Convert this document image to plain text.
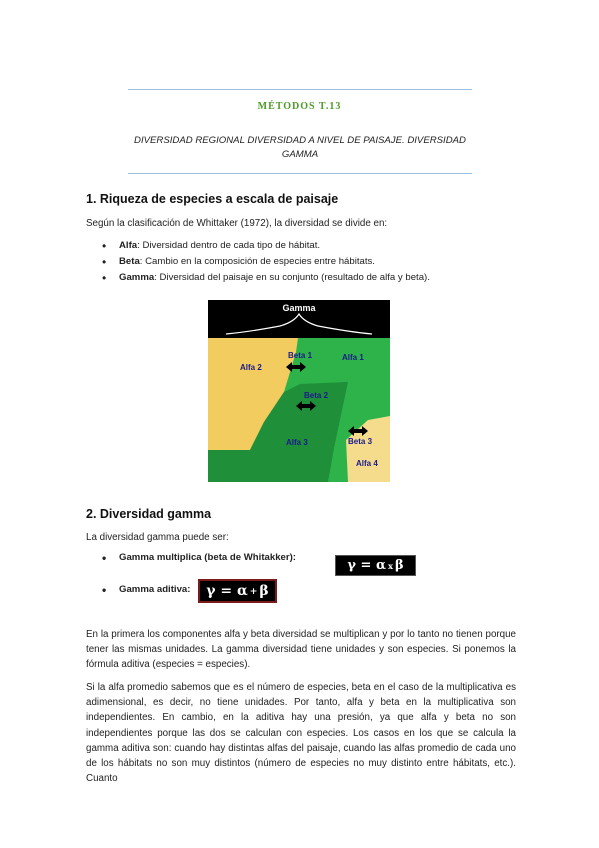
MÉTODOS T.13
DIVERSIDAD REGIONAL DIVERSIDAD A NIVEL DE PAISAJE. DIVERSIDAD GAMMA
1. Riqueza de especies a escala de paisaje

Según la clasificación de Whittaker (1972), la diversidad se divide en:

• Alfa: Diversidad dentro de cada tipo de hábitat.
• Beta: Cambio en la composición de especies entre hábitats.
• Gamma: Diversidad del paisaje en su conjunto (resultado de alfa y beta).
Gamma
Alfa 2
Alfa 1
Alfa 3
Alfa 4
Beta 1
Beta 2
Beta 3
2. Diversidad gamma

La diversidad gamma puede ser:

• Gamma multiplica (beta de Whitakker):
γ
=
α x β
• Gamma aditiva: γ
=
α + β

En la primera los componentes alfa y beta diversidad se multiplican y por lo tanto no tienen porque tener las mismas unidades. La gamma diversidad tiene unidades y son especies. Si ponemos la fórmula aditiva (especies = especies).

Si la alfa promedio sabemos que es el número de especies, beta en el caso de la multiplicativa es adimensional, es decir, no tiene unidades. Por tanto, alfa y beta en la multiplicativa son independientes. En cambio, en la aditiva hay una presión, ya que alfa y beta no son independientes porque las dos se calculan con especies. Los casos en los que se calcula la gamma aditiva son: cuando hay distintas alfas del paisaje, cuando las alfas promedio de cada uno de los hábitats no son muy distintos (número de especies no muy distinto entre hábitats, etc.). Cuanto
